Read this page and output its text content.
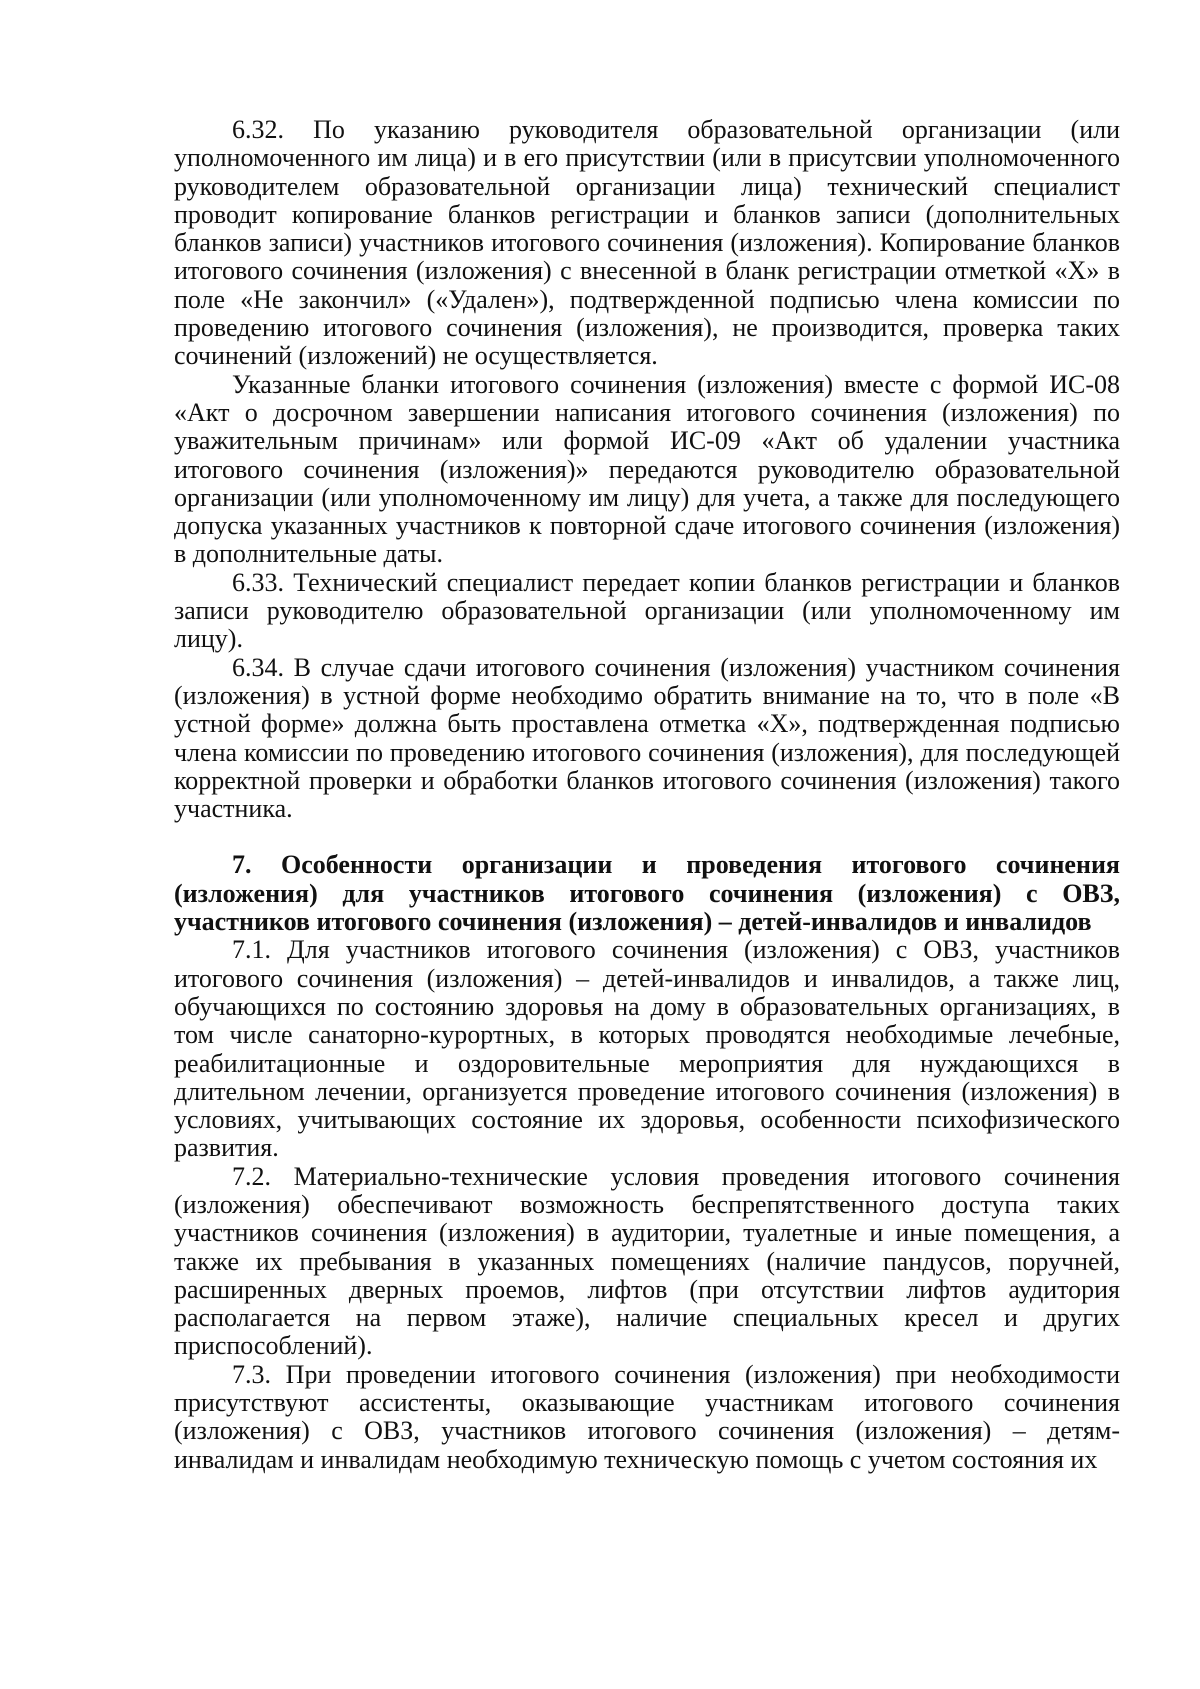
6.32. По указанию руководителя образовательной организации (или уполномоченного им лица) и в его присутствии (или в присутсвии уполномоченного руководителем образовательной организации лица) технический специалист проводит копирование бланков регистрации и бланков записи (дополнительных бланков записи) участников итогового сочинения (изложения). Копирование бланков итогового сочинения (изложения) с внесенной в бланк регистрации отметкой «X» в поле «Не закончил» («Удален»), подтвержденной подписью члена комиссии по проведению итогового сочинения (изложения), не производится, проверка таких сочинений (изложений) не осуществляется.

Указанные бланки итогового сочинения (изложения) вместе с формой ИС-08 «Акт о досрочном завершении написания итогового сочинения (изложения) по уважительным причинам» или формой ИС-09 «Акт об удалении участника итогового сочинения (изложения)» передаются руководителю образовательной организации (или уполномоченному им лицу) для учета, а также для последующего допуска указанных участников к повторной сдаче итогового сочинения (изложения) в дополнительные даты.

6.33. Технический специалист передает копии бланков регистрации и бланков записи руководителю образовательной организации (или уполномоченному им лицу).

6.34. В случае сдачи итогового сочинения (изложения) участником сочинения (изложения) в устной форме необходимо обратить внимание на то, что в поле «В устной форме» должна быть проставлена отметка «X», подтвержденная подписью члена комиссии по проведению итогового сочинения (изложения), для последующей корректной проверки и обработки бланков итогового сочинения (изложения) такого участника.

7. Особенности организации и проведения итогового сочинения (изложения) для участников итогового сочинения (изложения) с ОВЗ, участников итогового сочинения (изложения) – детей-инвалидов и инвалидов

7.1. Для участников итогового сочинения (изложения) с ОВЗ, участников итогового сочинения (изложения) – детей-инвалидов и инвалидов, а также лиц, обучающихся по состоянию здоровья на дому в образовательных организациях, в том числе санаторно-курортных, в которых проводятся необходимые лечебные, реабилитационные и оздоровительные мероприятия для нуждающихся в длительном лечении, организуется проведение итогового сочинения (изложения) в условиях, учитывающих состояние их здоровья, особенности психофизического развития.

7.2. Материально-технические условия проведения итогового сочинения (изложения) обеспечивают возможность беспрепятственного доступа таких участников сочинения (изложения) в аудитории, туалетные и иные помещения, а также их пребывания в указанных помещениях (наличие пандусов, поручней, расширенных дверных проемов, лифтов (при отсутствии лифтов аудитория располагается на первом этаже), наличие специальных кресел и других приспособлений).

7.3. При проведении итогового сочинения (изложения) при необходимости присутствуют ассистенты, оказывающие участникам итогового сочинения (изложения) с ОВЗ, участников итогового сочинения (изложения) – детям-инвалидам и инвалидам необходимую техническую помощь с учетом состояния их
